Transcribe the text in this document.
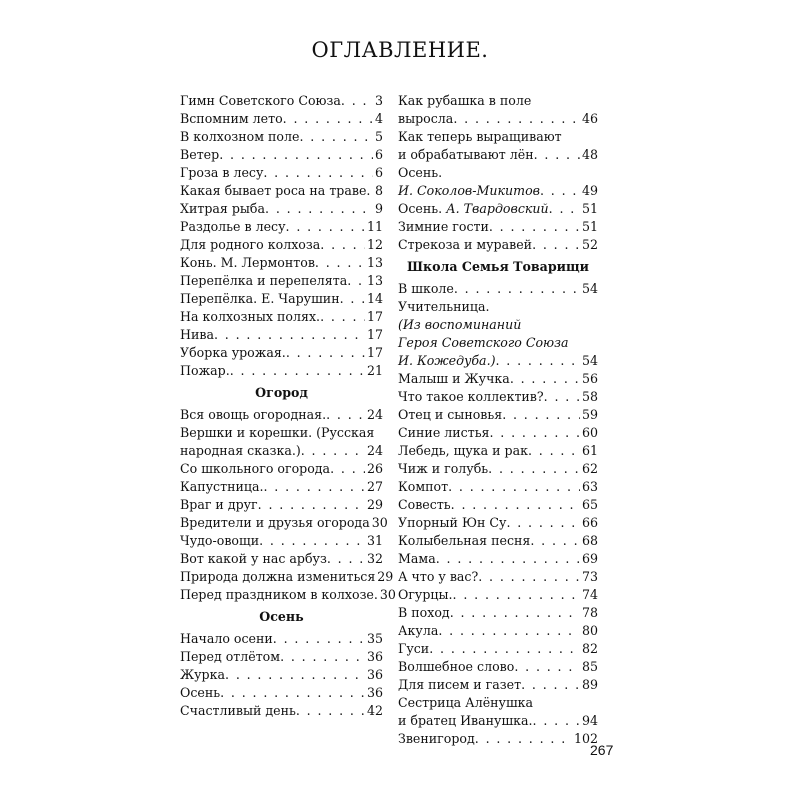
ОГЛАВЛЕНИЕ.
Гимн Советского Союза . . .	3
Вспомним лето . . .	4
В колхозном поле . . .	5
Ветер . . .	6
Гроза в лесу . . .	6
Какая бывает роса на траве . . . 8
Хитрая рыба . . .	9
Раздолье в лесу . . .	11
Для родного колхоза . . .	12
Конь. М. Лермонтов . . .	13
Перепёлка и перепелята . . . 13
Перепёлка. Е. Чарушин . . . 14
На колхозных полях. . . .	17
Нива . . .	17
Уборка урожая. . . .	17
Пожар. . . .	21
Огород
Вся овощь огородная. . . .	24
Вершки и корешки. (Русская
народная сказка.) . . .	24
Со школьного огорода . . .	26
Капустница. . . .	27
Враг и друг . . .	29
Вредители и друзья огорода 30
Чудо-овощи . . .	31
Вот какой у нас арбуз . . .	32
Природа должна измениться 29
Перед праздником в колхозе. 30
Осень
Начало осени . . .	35
Перед отлётом . . .	36
Журка . . .	36
Осень . . .	36
Счастливый день . . .	42
Как рубашка в поле
выросла . . .	46
Как теперь выращивают
и обрабатывают лён . . .	48
Осень.
И. Соколов-Микитов . . .	49
Осень. А. Твардовский . . .	51
Зимние гости . . .	51
Стрекоза и муравей . . .	52
Школа Семья Товарищи
В школе . . .	54
Учительница.
(Из воспоминаний
Героя Советского Союза
И. Кожедуба.) . . .	54
Малыш и Жучка . . .	56
Что такое коллектив? . . .	58
Отец и сыновья . . .	59
Синие листья . . .	60
Лебедь, щука и рак . . .	61
Чиж и голубь . . .	62
Компот . . .	63
Совесть . . .	65
Упорный Юн Су . . .	66
Колыбельная песня . . .	68
Мама . . .	69
А что у вас? . . .	73
Огурцы. . . .	74
В поход . . .	78
Акула . . .	80
Гуси . . .	82
Волшебное слово . . .	85
Для писем и газет . . .	89
Сестрица Алёнушка
и братец Иванушка. . . .	94
Звенигород . . .	102
267
